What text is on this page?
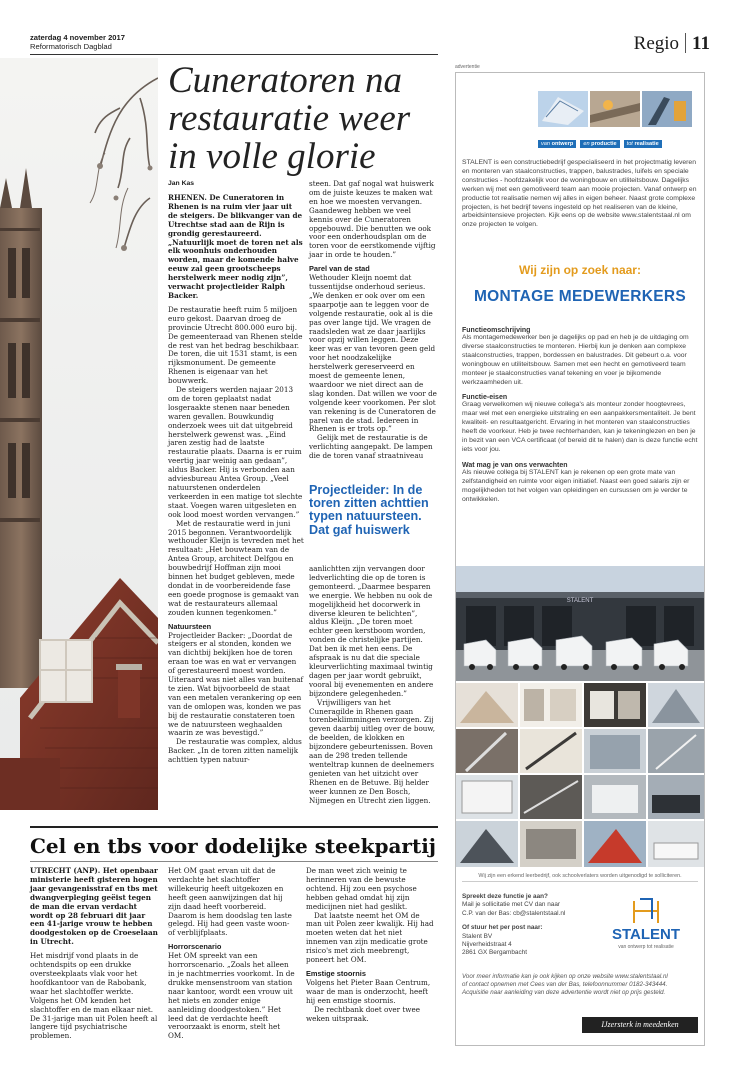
zaterdag 4 november 2017
Reformatorisch Dagblad	Regio 11
Cuneratoren na restauratie weer in volle glorie
Jan Kas

RHENEN. De Cuneratoren in Rhenen is na ruim vier jaar uit de steigers. De blikvanger van de Utrechtse stad aan de Rijn is grondig gerestaureerd. „Natuurlijk moet de toren net als elk woonhuis onderhouden worden, maar de komende halve eeuw zal geen grootscheeps herstelwerk meer nodig zijn”, verwacht projectleider Ralph Backer.

De restauratie heeft ruim 5 miljoen euro gekost. Daarvan droeg de provincie Utrecht 800.000 euro bij. De gemeenteraad van Rhenen stelde de rest van het bedrag beschikbaar. De toren, die uit 1531 stamt, is een rijksmonument. De gemeente Rhenen is eigenaar van het bouwwerk.

De steigers werden najaar 2013 om de toren geplaatst nadat losgeraakte stenen naar beneden waren gevallen. Bouwkundig onderzoek wees uit dat uitgebreid herstelwerk gewenst was. „Eind jaren zestig had de laatste restauratie plaats. Daarna is er ruim veertig jaar weinig aan gedaan”, aldus Backer. Hij is verbonden aan adviesbureau Antea Group. „Veel natuurstenen onderdelen verkeerden in een matige tot slechte staat. Voegen waren uitgesleten en ook lood moest worden vervangen.”

Met de restauratie werd in juni 2015 begonnen. Verantwoordelijk wethouder Kleijn is tevreden met het resultaat: „Het bouwteam van de Antea Group, architect Delfgou en bouwbedrijf Hoffman zijn mooi binnen het budget gebleven, mede dondat in de voorbereidende fase een goede prognose is gemaakt van wat de restaurateurs allemaal zouden kunnen tegenkomen.”

Natuursteen

Projectleider Backer: „Doordat de steigers er al stonden, konden we van dichtbij bekijken hoe de toren eraan toe was en wat er vervangen of gerestaureerd moest worden. Uiteraard was niet alles van buitenaf te zien. Wat bijvoorbeeld de staat van een metalen verankering op een van de omlopen was, konden we pas bij de restauratie constateren toen we de natuursteen weghaalden waarin ze was bevestigd.”

De restauratie was complex, aldus Backer. „In de toren zitten namelijk achttien typen natuur-

steen. Dat gaf nogal wat huiswerk om de juiste keuzes te maken wat en hoe we moesten vervangen. Gaandeweg hebben we veel kennis over de Cuneratoren opgebouwd. Die benutten we ook voor een onderhoudsplan om de toren voor de eerstkomende vijftig jaar in orde te houden.”

Parel van de stad

Wethouder Kleijn noemt dat tussentijdse onderhoud serieus. „We denken er ook over om een spaarpotje aan te leggen voor de volgende restauratie, ook al is die pas over lange tijd. We vragen de raadsleden wat ze daar jaarlijks voor opzij willen leggen. Deze keer was er van tevoren geen geld voor het noodzakelijke herstelwerk gereserveerd en moest de gemeente lenen, waardoor we niet direct aan de slag konden. Dat willen we voor de volgende keer voorkomen. Per slot van rekening is de Cuneratoren de parel van de stad. Iedereen in Rhenen is er trots op.”

Gelijk met de restauratie is de verlichting aangepakt. De lampen die de toren vanaf straatniveau

Projectleider: In de toren zitten achttien typen natuursteen. Dat gaf huiswerk

aanlichtten zijn vervangen door ledverlichting die op de toren is gemonteerd. „Daarmee besparen we energie. We hebben nu ook de mogelijkheid het docorwerk in diverse kleuren te belichten”, aldus Kleijn. „De toren moet echter geen kerstboom worden, vonden de christelijke partijen. Dat ben ik met hen eens. De afspraak is nu dat die speciale kleurverlichting maximaal twintig dagen per jaar wordt gebruikt, vooral bij evenementen en andere bijzondere gelegenheden.”

Vrijwilligers van het Cuneragilde in Rhenen gaan torenbeklimmingen verzorgen. Zij geven daarbij uitleg over de bouw, de beelden, de klokken en bijzondere gebeurtenissen. Boven aan de 298 treden tellende wenteltrap kunnen de deelnemers genieten van het uitzicht over Rhenen en de Betuwe. Bij helder weer kunnen ze Den Bosch, Nijmegen en Utrecht zien liggen.

Cel en tbs voor dodelijke steekpartij

UTRECHT (ANP). Het openbaar ministerie heeft gisteren hogen jaar gevangenisstraf en tbs met dwangverpleging geëist tegen de man die ervan verdacht wordt op 28 februari dit jaar een 41-jarige vrouw te hebben doodgestoken op de Croeselaan in Utrecht.

Het misdrijf vond plaats in de ochtendspits op een drukke oversteekplaats vlak voor het hoofdkantoor van de Rabobank, waar het slachtoffer werkte. Volgens het OM kenden het slachtoffer en de man elkaar niet. De 31-jarige man uit Polen heeft al langere tijd psychiatrische problemen.

Het OM gaat ervan uit dat de verdachte het slachtoffer willekeurig heeft uitgekozen en heeft geen aanwijzingen dat hij zijn daad heeft voorbereid. Daarom is hem doodslag ten laste gelegd. Hij had geen vaste woon- of verblijfplaats.

Horrorscenario

Het OM spreekt van een horrorscenario. „Zoals het alleen in je nachtmerries voorkomt. In de drukke mensenstroom van station naar kantoor, wordt een vrouw uit het niets en zonder enige aanleiding doodgestoken.” Het leed dat de verdachte heeft veroorzaakt is enorm, stelt het OM.

De man weet zich weinig te herinneren van de bewuste ochtend. Hij zou een psychose hebben gehad omdat hij zijn medicijnen niet had geslikt.

Dat laatste neemt het OM de man uit Polen zeer kwalijk. Hij had moeten weten dat het niet innemen van zijn medicatie grote risico's met zich meebrengt, poneert het OM.

Emstige stoornis

Volgens het Pieter Baan Centrum, waar de man is onderzocht, heeft hij een emstige stoornis.

De rechtbank doet over twee weken uitspraak.

advertentie
van ontwerp en productie tot realisatie
STALENT is een constructiebedrijf gespecialiseerd in het projectmatig leveren en monteren van staalconstructies, trappen, balustrades, luifels en speciale constructies - hoofdzakelijk voor de woningbouw en utiliteitsbouw. Dagelijks werken wij met een gemotiveerd team aan mooie projecten. Vanaf ontwerp en productie tot realisatie nemen wij alles in eigen beheer. Naast grote complexe projecten, is het bedrijf tevens ingesteld op het realiseren van de kleine, arbeidsintensieve projecten. Kijk eens op de website www.stalentstaal.nl om onze projecten te volgen.
Wij zijn op zoek naar:
MONTAGE MEDEWERKERS
Functieomschrijving
Als montagemedewerker ben je dagelijks op pad en heb je de uitdaging om diverse staalconstructies te monteren. Hierbij kun je denken aan complexe staalconstructies, trappen, bordessen en balustrades. Dit gebeurt o.a. voor woningbouw en utiliteitsbouw. Samen met een hecht en gemotiveerd team monteer je staalconstructies vanaf tekening en voer je bijkomende werkzaamheden uit.
Functie-eisen
Graag verwelkomen wij nieuwe collega's als monteur zonder hoogtevrees, maar wel met een energieke uitstraling en een aanpakkersmentaliteit. Je bent kwaliteit- en resultaatgericht. Ervaring in het monteren van staalconstructies heeft de voorkeur. Heb je twee rechterhanden, kan je tekeninglezen en ben je in bezit van een VCA certificaat (of bereid dit te halen) dan is deze functie echt iets voor jou.
Wat mag je van ons verwachten
Als nieuwe collega bij STALENT kan je rekenen op een grote mate van zelfstandigheid en ruimte voor eigen initiatief. Naast een goed salaris zijn er mogelijkheden tot het volgen van opleidingen en cursussen om je verder te ontwikkelen.
STALENT
Wij zijn een erkend leerbedrijf, ook schoolverlaters worden uitgenodigd te solliciteren.
Spreekt deze functie je aan?
Mail je sollicitatie met CV dan naar
C.P. van der Bas: cb@stalentstaal.nl
Of stuur het per post naar:
Stalent BV
Nijverheidstraat 4
2861 GX Bergambacht
STALENT
van ontwerp tot realisatie
Voor meer informatie kan je ook kijken op onze website www.stalentstaal.nl
of contact opnemen met Cees van der Bas, telefoonnummer 0182-343444.
Acquisitie naar aanleiding van deze advertentie wordt niet op prijs gesteld.
IJzersterk in meedenken
